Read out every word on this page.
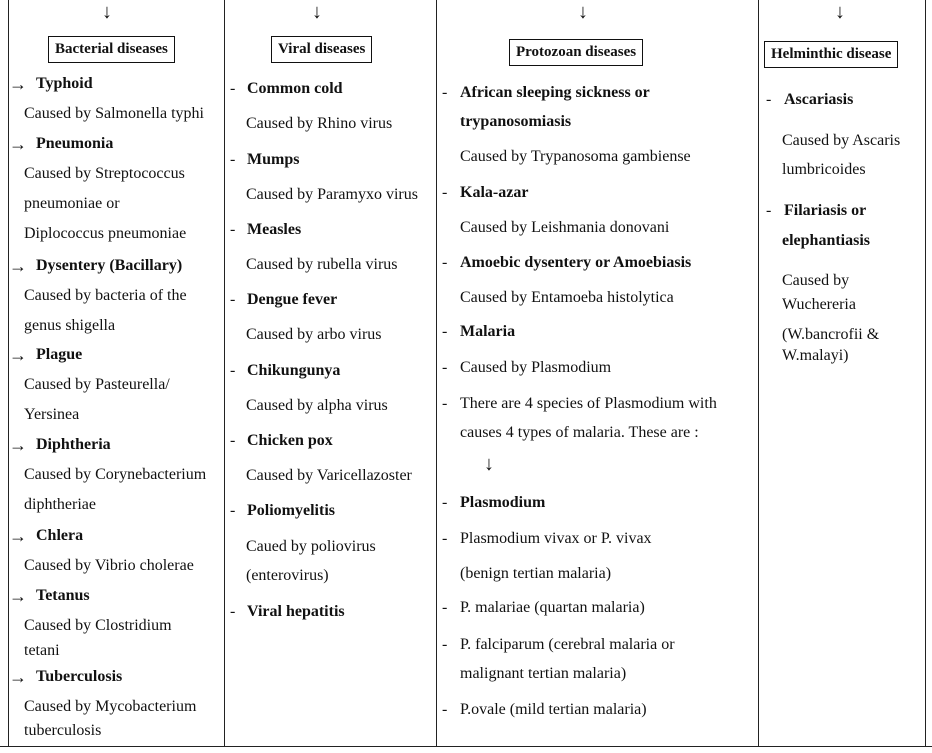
↓
Bacterial diseases
→ Typhoid
Caused by Salmonella typhi
→ Pneumonia
Caused by Streptococcus
pneumoniae or
Diplococcus pneumoniae
→ Dysentery (Bacillary)
Caused by bacteria of the
genus shigella
→ Plague
Caused by Pasteurella/
Yersinea
→ Diphtheria
Caused by Corynebacterium
diphtheriae
→ Chlera
Caused by Vibrio cholerae
→ Tetanus
Caused by Clostridium
tetani
→ Tuberculosis
Caused by Mycobacterium
tuberculosis
↓
Viral diseases
- Common cold
Caused by Rhino virus
- Mumps
Caused by Paramyxo virus
- Measles
Caused by rubella virus
- Dengue fever
Caused by arbo virus
- Chikungunya
Caused by alpha virus
- Chicken pox
Caused by Varicellazoster
- Poliomyelitis
Caued by poliovirus
(enterovirus)
- Viral hepatitis
↓
Protozoan diseases
- African sleeping sickness or
trypanosomiasis
Caused by Trypanosoma gambiense
- Kala-azar
Caused by Leishmania donovani
- Amoebic dysentery or Amoebiasis
Caused by Entamoeba histolytica
- Malaria
- Caused by Plasmodium
- There are 4 species of Plasmodium with
causes 4 types of malaria. These are :
↓
- Plasmodium
- Plasmodium vivax or P. vivax
(benign tertian malaria)
- P. malariae (quartan malaria)
- P. falciparum (cerebral malaria or
malignant tertian malaria)
- P.ovale (mild tertian malaria)
↓
Helminthic disease
- Ascariasis
Caused by Ascaris
lumbricoides
- Filariasis or
elephantiasis
Caused by
Wuchereria
(W.bancrofii &
W.malayi)
